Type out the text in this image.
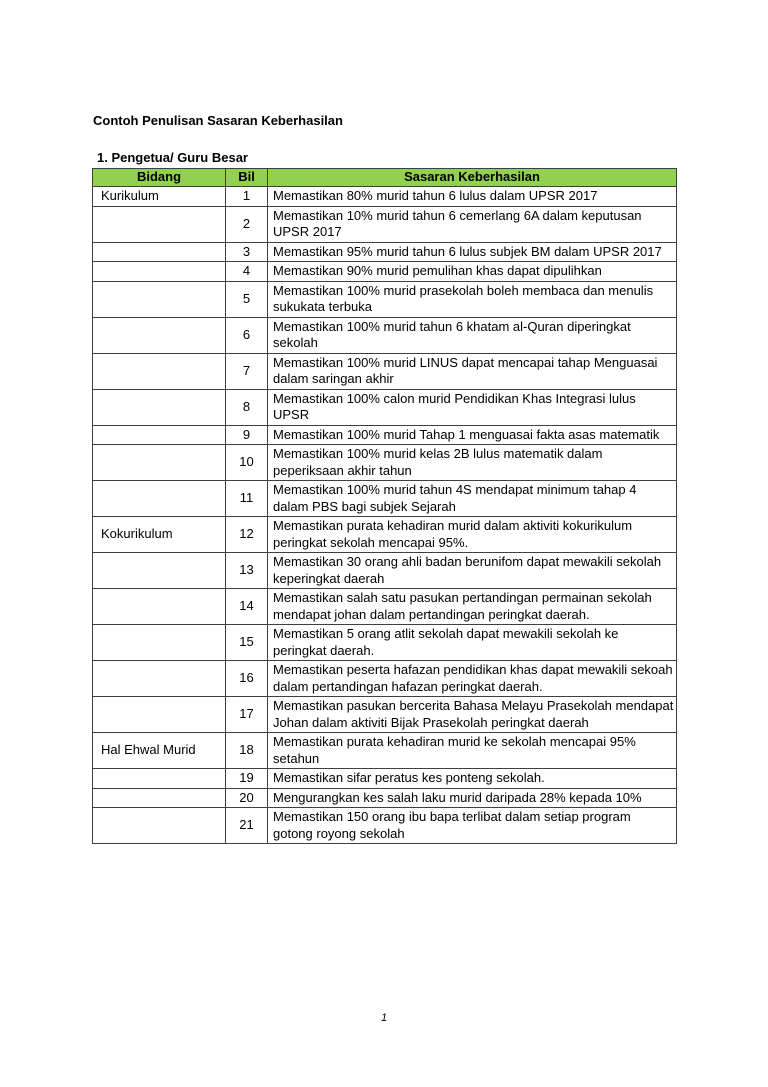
Contoh Penulisan Sasaran Keberhasilan
1. Pengetua/ Guru Besar
Bidang	Bil	Sasaran Keberhasilan
Kurikulum	1	Memastikan 80% murid tahun 6 lulus dalam UPSR 2017
	2	Memastikan 10% murid tahun 6 cemerlang 6A dalam keputusan UPSR 2017
	3	Memastikan 95% murid tahun 6 lulus subjek BM dalam UPSR 2017
	4	Memastikan 90% murid pemulihan khas dapat dipulihkan
	5	Memastikan 100% murid prasekolah boleh membaca dan menulis sukukata terbuka
	6	Memastikan 100% murid tahun 6 khatam al-Quran diperingkat sekolah
	7	Memastikan 100% murid LINUS dapat mencapai tahap Menguasai dalam saringan akhir
	8	Memastikan 100% calon murid Pendidikan Khas Integrasi lulus UPSR
	9	Memastikan 100% murid Tahap 1 menguasai fakta asas matematik
	10	Memastikan 100% murid kelas 2B lulus matematik dalam peperiksaan akhir tahun
	11	Memastikan 100% murid tahun 4S mendapat minimum tahap 4 dalam PBS bagi subjek Sejarah
Kokurikulum	12	Memastikan purata kehadiran murid dalam aktiviti kokurikulum peringkat sekolah mencapai 95%.
	13	Memastikan 30 orang ahli badan berunifom dapat mewakili sekolah keperingkat daerah
	14	Memastikan salah satu pasukan pertandingan permainan sekolah mendapat johan dalam pertandingan peringkat daerah.
	15	Memastikan 5 orang atlit sekolah dapat mewakili sekolah ke peringkat daerah.
	16	Memastikan peserta hafazan pendidikan khas dapat mewakili sekoah dalam pertandingan hafazan peringkat daerah.
	17	Memastikan pasukan bercerita Bahasa Melayu Prasekolah mendapat Johan dalam aktiviti Bijak Prasekolah peringkat daerah
Hal Ehwal Murid	18	Memastikan purata kehadiran murid ke sekolah mencapai 95% setahun
	19	Memastikan sifar peratus kes ponteng sekolah.
	20	Mengurangkan kes salah laku murid daripada 28% kepada 10%
	21	Memastikan 150 orang ibu bapa terlibat dalam setiap program gotong royong sekolah
1
